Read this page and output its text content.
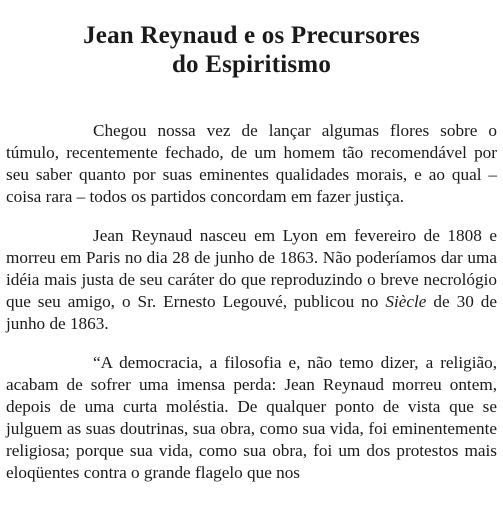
Jean Reynaud e os Precursores
do Espiritismo

Chegou nossa vez de lançar algumas flores sobre o túmulo, recentemente fechado, de um homem tão recomendável por seu saber quanto por suas eminentes qualidades morais, e ao qual – coisa rara – todos os partidos concordam em fazer justiça.

Jean Reynaud nasceu em Lyon em fevereiro de 1808 e morreu em Paris no dia 28 de junho de 1863. Não poderíamos dar uma idéia mais justa de seu caráter do que reproduzindo o breve necrológio que seu amigo, o Sr. Ernesto Legouvé, publicou no Siècle de 30 de junho de 1863.

“A democracia, a filosofia e, não temo dizer, a religião, acabam de sofrer uma imensa perda: Jean Reynaud morreu ontem, depois de uma curta moléstia. De qualquer ponto de vista que se julguem as suas doutrinas, sua obra, como sua vida, foi eminentemente religiosa; porque sua vida, como sua obra, foi um dos protestos mais eloqüentes contra o grande flagelo que nos
